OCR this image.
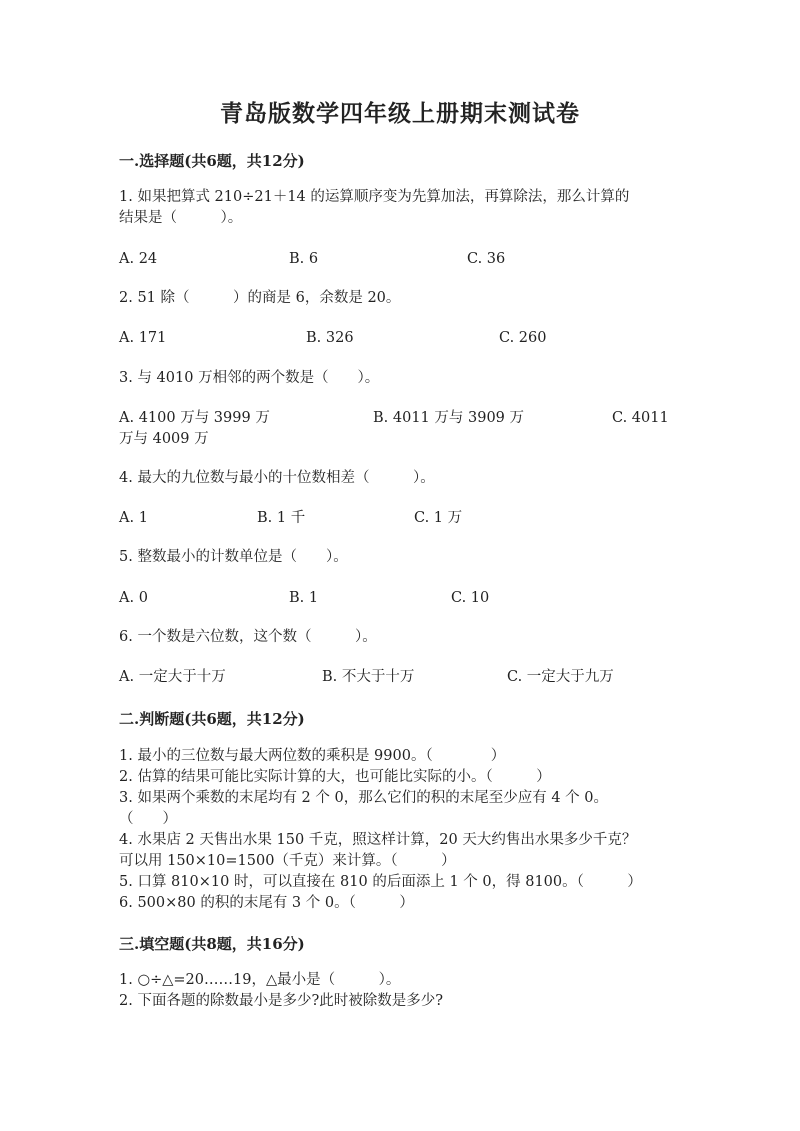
青岛版数学四年级上册期末测试卷
一.选择题(共6题，共12分)
1. 如果把算式 210÷21＋14 的运算顺序变为先算加法，再算除法，那么计算的
结果是（　　　）。
A. 24	B. 6	C. 36
2. 51 除（　　　）的商是 6，余数是 20。
A. 171	B. 326	C. 260
3. 与 4010 万相邻的两个数是（　　）。
A. 4100 万与 3999 万	B. 4011 万与 3909 万	C. 4011
万与 4009 万
4. 最大的九位数与最小的十位数相差（　　　）。
A. 1	B. 1 千	C. 1 万
5. 整数最小的计数单位是（　　）。
A. 0	B. 1	C. 10
6. 一个数是六位数，这个数（　　　）。
A. 一定大于十万	B. 不大于十万	C. 一定大于九万
二.判断题(共6题，共12分)
1. 最小的三位数与最大两位数的乘积是 9900。（　　　　）
2. 估算的结果可能比实际计算的大，也可能比实际的小。（　　　）
3. 如果两个乘数的末尾均有 2 个 0，那么它们的积的末尾至少应有 4 个 0。
（　　）
4. 水果店 2 天售出水果 150 千克，照这样计算，20 天大约售出水果多少千克？
可以用 150×10=1500（千克）来计算。（　　　）
5. 口算 810×10 时，可以直接在 810 的后面添上 1 个 0，得 8100。（　　　）
6. 500×80 的积的末尾有 3 个 0。（　　　）
三.填空题(共8题，共16分)
1. ○÷△=20……19，△最小是（　　　）。
2. 下面各题的除数最小是多少?此时被除数是多少?
